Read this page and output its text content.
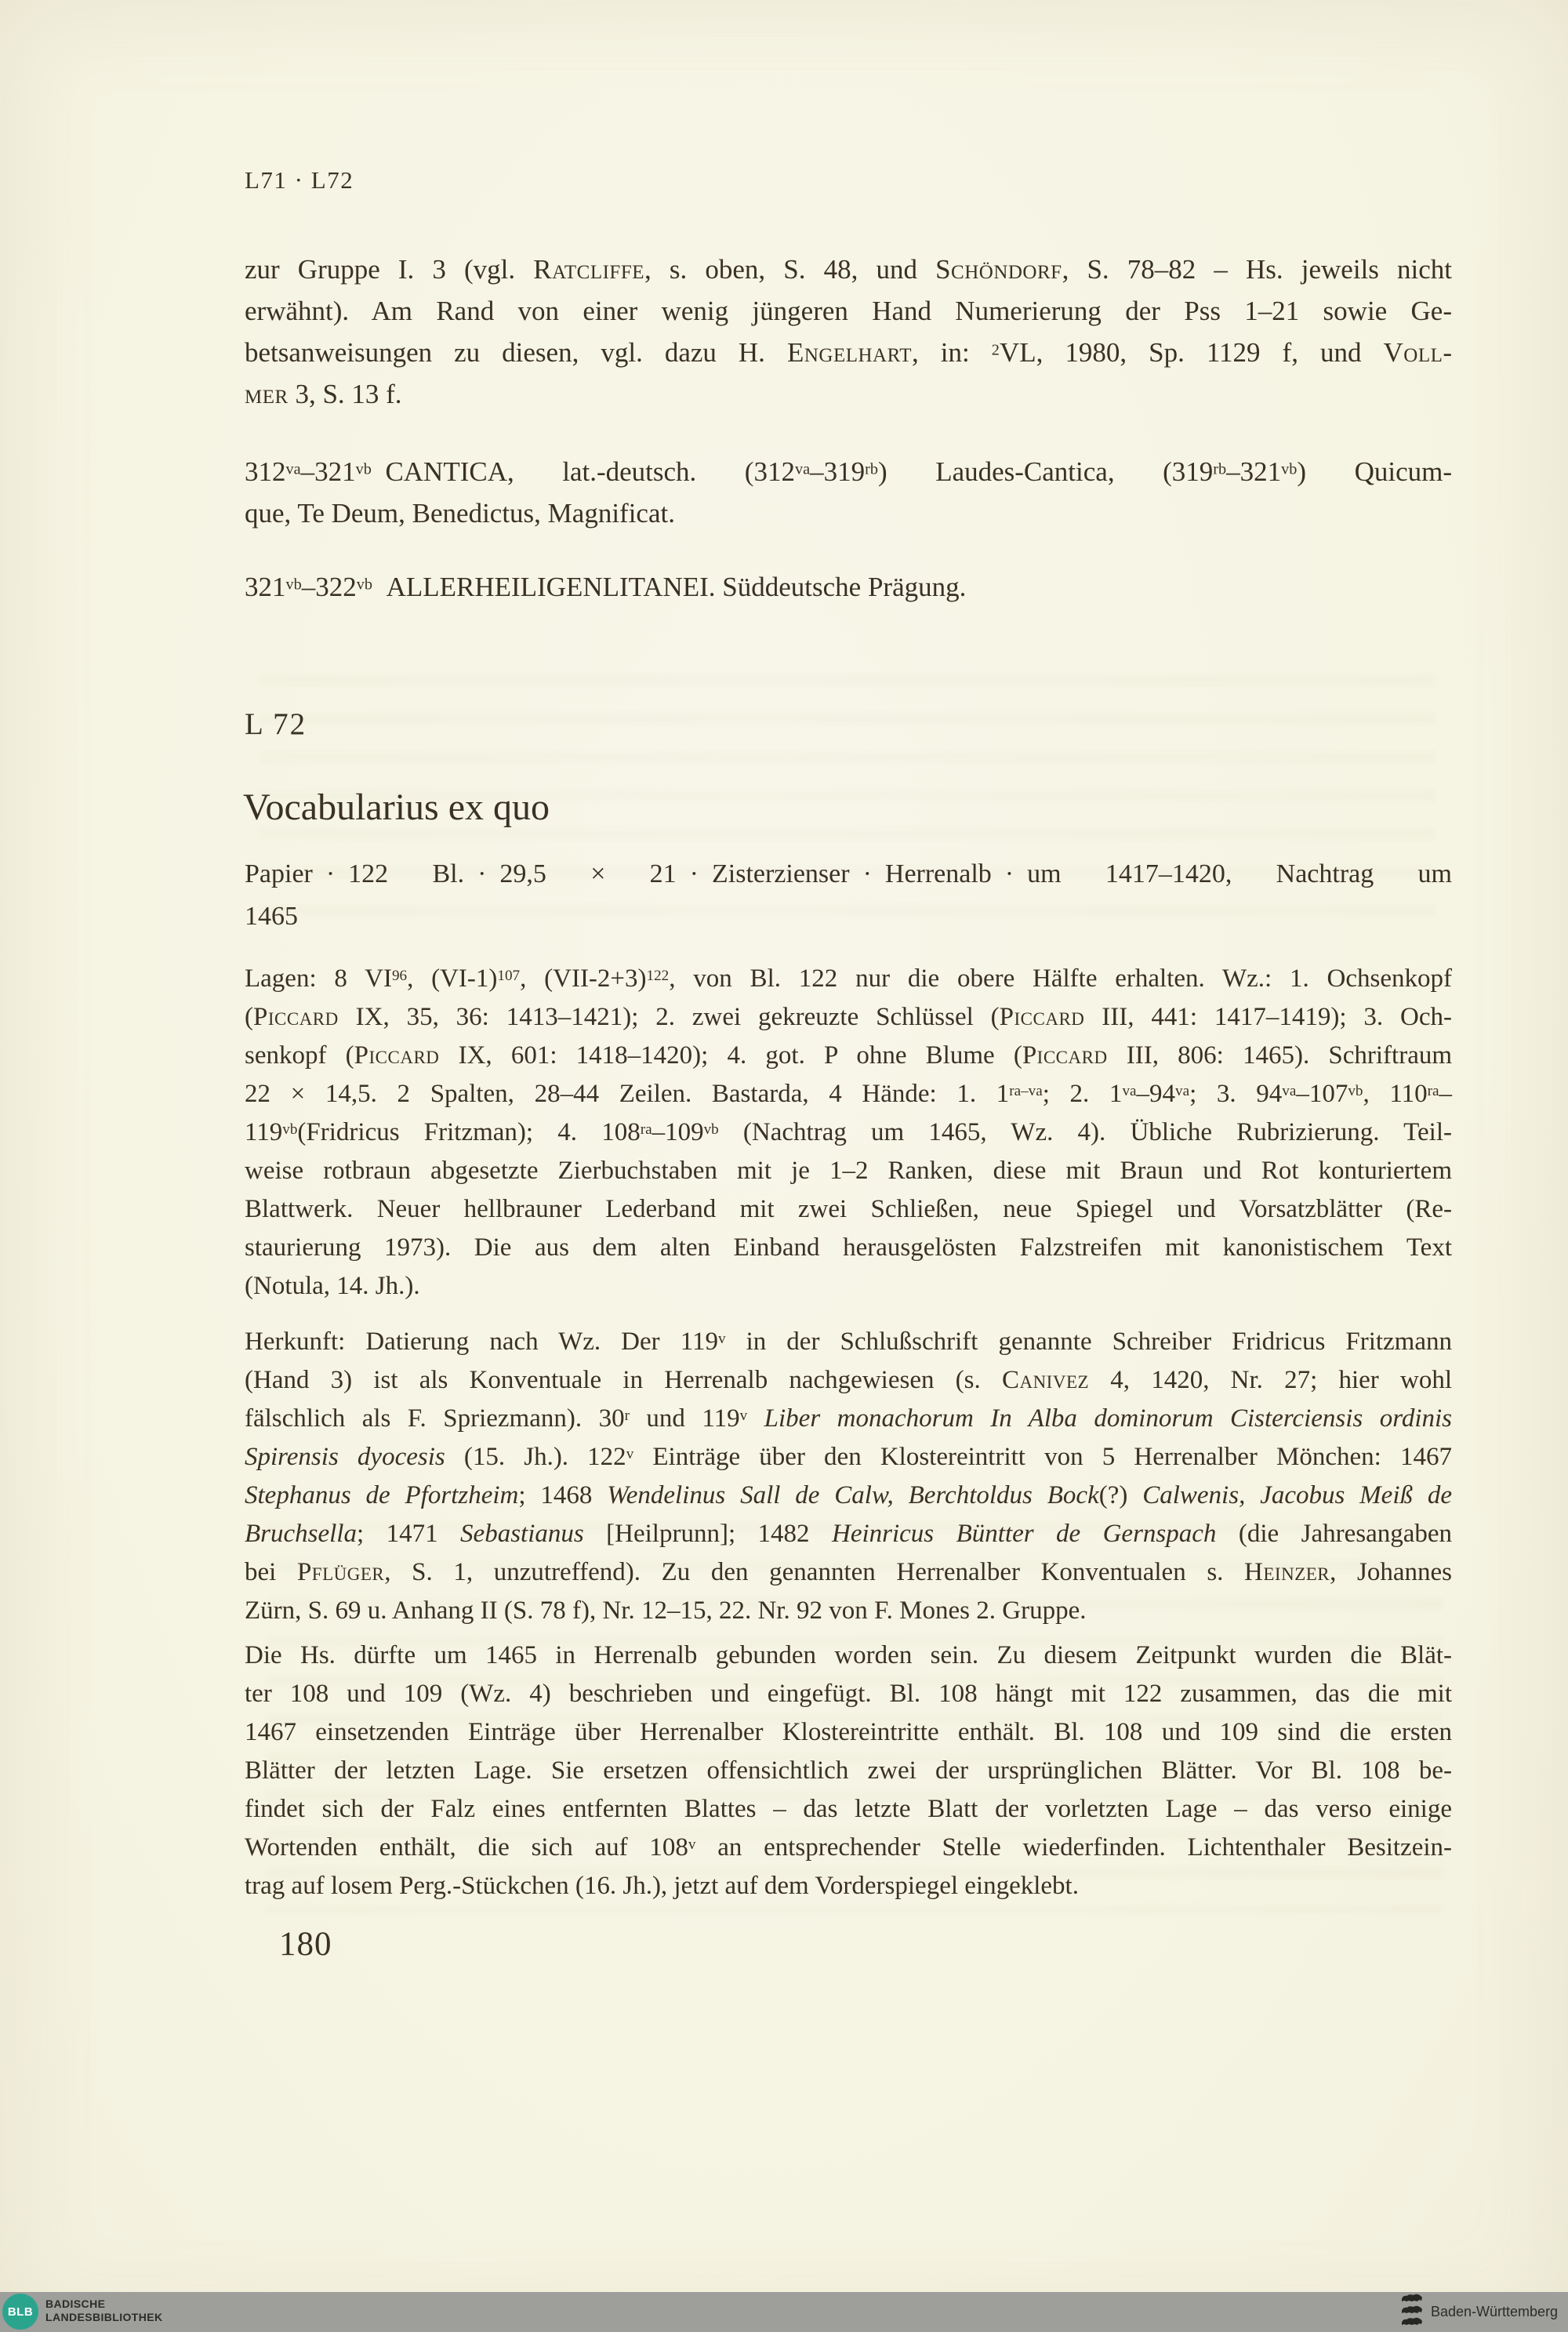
L71 · L72
zur Gruppe I. 3 (vgl. Ratcliffe, s. oben, S. 48, und Schöndorf, S. 78–82 – Hs. jeweils nicht
erwähnt). Am Rand von einer wenig jüngeren Hand Numerierung der Pss 1–21 sowie Ge-
betsanweisungen zu diesen, vgl. dazu H. Engelhart, in: $^2$VL, 1980, Sp. 1129 f, und Voll-
mer 3, S. 13 f.
$312^{va}-321^{vb}$ CANTICA, lat.-deutsch. $(312^{va}-319^{rb})$ Laudes-Cantica, $(319^{rb}-321^{vb})$ Quicum-
que, Te Deum, Benedictus, Magnificat.
$321^{vb}-322^{vb}$ ALLERHEILIGENLITANEI. Süddeutsche Prägung.
L 72
Vocabularius ex quo
Papier · 122 Bl. · 29,5 × 21 · Zisterzienser · Herrenalb · um 1417–1420, Nachtrag um
1465
Lagen: 8 VI$^{96}$, $(VI-1)^{107}$, $(VII-2+3)^{122}$, von Bl. 122 nur die obere Hälfte erhalten. Wz.: 1. Ochsenkopf
(Piccard IX, 35, 36: 1413–1421); 2. zwei gekreuzte Schlüssel (Piccard III, 441: 1417–1419); 3. Och-
senkopf (Piccard IX, 601: 1418–1420); 4. got. P ohne Blume (Piccard III, 806: 1465). Schriftraum
22 × 14,5. 2 Spalten, 28–44 Zeilen. Bastarda, 4 Hände: 1. $1^{ra-va}$; 2. $1^{va}-94^{va}$; 3. $94^{va}-107^{vb}$, $110^{ra}-$
$119^{vb}(Fridricus$ Fritzman); 4. $108^{ra}-109^{vb}$ (Nachtrag um 1465, Wz. 4). Übliche Rubrizierung. Teil-
weise rotbraun abgesetzte Zierbuchstaben mit je 1–2 Ranken, diese mit Braun und Rot konturiertem
Blattwerk. Neuer hellbrauner Lederband mit zwei Schließen, neue Spiegel und Vorsatzblätter (Re-
staurierung 1973). Die aus dem alten Einband herausgelösten Falzstreifen mit kanonistischem Text
(Notula, 14. Jh.).
Herkunft: Datierung nach Wz. Der 119$^v$ in der Schlußschrift genannte Schreiber Fridricus Fritzmann
(Hand 3) ist als Konventuale in Herrenalb nachgewiesen (s. Canivez 4, 1420, Nr. 27; hier wohl
fälschlich als F. Spriezmann). 30$^r$ und 119$^v$ Liber monachorum In Alba dominorum Cisterciensis ordinis
Spirensis dyocesis (15. Jh.). 122$^v$ Einträge über den Klostereintritt von 5 Herrenalber Mönchen: 1467
Stephanus de Pfortzheim; 1468 Wendelinus Sall de Calw, Berchtoldus Bock(?) Calwenis, Jacobus Meiß de
Bruchsella; 1471 Sebastianus [Heilprunn]; 1482 Heinricus Büntter de Gernspach (die Jahresangaben
bei Pflüger, S. 1, unzutreffend). Zu den genannten Herrenalber Konventualen s. Heinzer, Johannes
Zürn, S. 69 u. Anhang II (S. 78 f), Nr. 12–15, 22. Nr. 92 von F. Mones 2. Gruppe.
Die Hs. dürfte um 1465 in Herrenalb gebunden worden sein. Zu diesem Zeitpunkt wurden die Blät-
ter 108 und 109 (Wz. 4) beschrieben und eingefügt. Bl. 108 hängt mit 122 zusammen, das die mit
1467 einsetzenden Einträge über Herrenalber Klostereintritte enthält. Bl. 108 und 109 sind die ersten
Blätter der letzten Lage. Sie ersetzen offensichtlich zwei der ursprünglichen Blätter. Vor Bl. 108 be-
findet sich der Falz eines entfernten Blattes – das letzte Blatt der vorletzten Lage – das verso einige
Wortenden enthält, die sich auf 108$^v$ an entsprechender Stelle wiederfinden. Lichtenthaler Besitzein-
trag auf losem Perg.-Stückchen (16. Jh.), jetzt auf dem Vorderspiegel eingeklebt.
180
BLB
BADISCHE
LANDESBIBLIOTHEK	Baden-Württemberg
